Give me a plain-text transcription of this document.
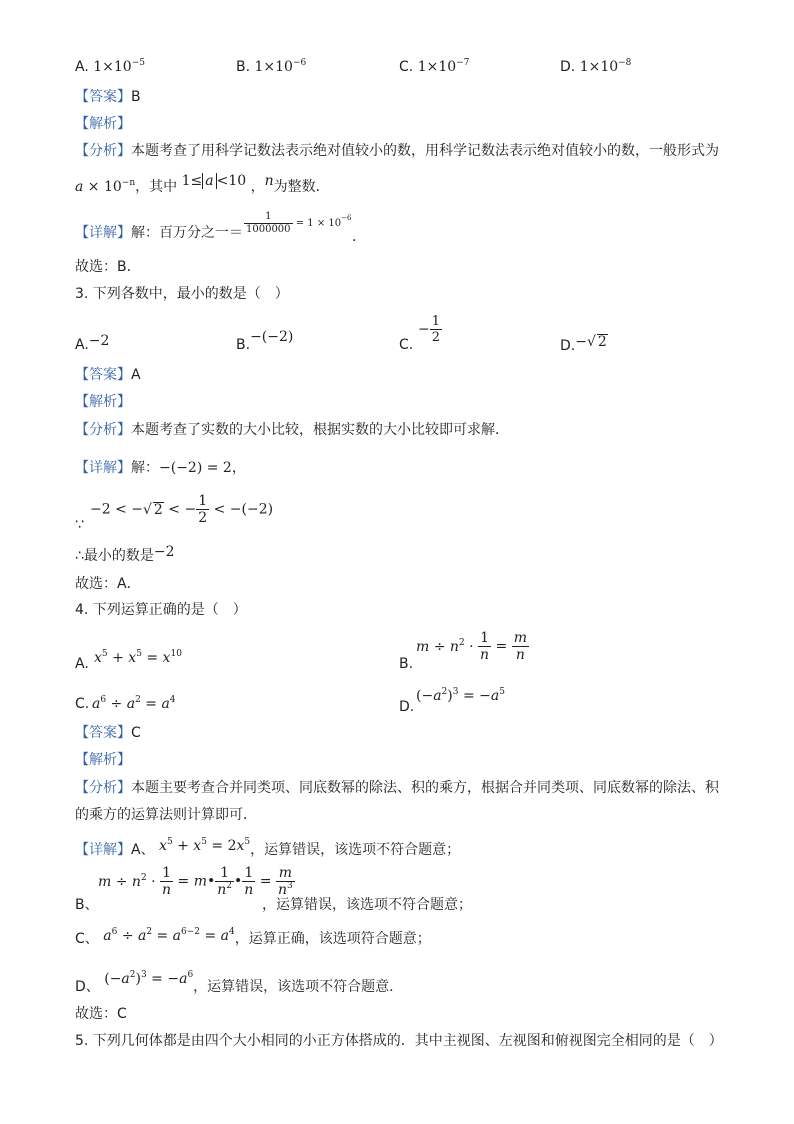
A. $1\times 10^{-5}$	B. $1\times 10^{-6}$	C. $1\times 10^{-7}$	D. $1\times 10^{-8}$
【答案】B
【解析】
【分析】本题考查了用科学记数法表示绝对值较小的数，用科学记数法表示绝对值较小的数，一般形式为
$a \times 10^{-n}$，其中 1≤ a <10 ，n为整数．
【详解】解：百万分之一＝ $\frac{1}{1000000} = 1 \times 10^{-6}$
．
故选：B．
3. 下列各数中，最小的数是（　）
A.−2	B.−(−2)	C.
− $\frac{1}{2}$
D.−√ 2
【答案】A
【解析】
【分析】本题考查了实数的大小比较，根据实数的大小比较即可求解．
【详解】解：−(−2) = 2，
−2 < −√ 2 < − $\frac{1}{2} < -(-2)$
∵
∴最小的数是−2
故选：A．
4. 下列运算正确的是（　）
A. $x^5 + x^5 = x^{10}$
B.
$m \div n^2 \cdot \frac{1}{n} = \frac{m}{n}$
C. $a^6 \div a^2 = a^4$	D.
$(-a^2)^3 = -a^5$
【答案】C
【解析】
【分析】本题主要考查合并同类项、同底数幂的除法、积的乘方，根据合并同类项、同底数幂的除法、积
的乘方的运算法则计算即可．
【详解】A、 $x^5 + x^5 = 2x^5$，运算错误，该选项不符合题意；
$m \div n^2 \cdot \frac{1}{n}$ = m• $\frac{1}{n^2}$ • $\frac{1}{n} = \frac{m}{n^3}$
B、	，运算错误，该选项不符合题意；
C、 $a^6 \div a^2 = a^{6-2} = a^4$，运算正确，该选项符合题意；
D、 $(-a^2)^3 = -a^6$，运算错误，该选项不符合题意．
故选：C
5. 下列几何体都是由四个大小相同的小正方体搭成的．其中主视图、左视图和俯视图完全相同的是（　）
